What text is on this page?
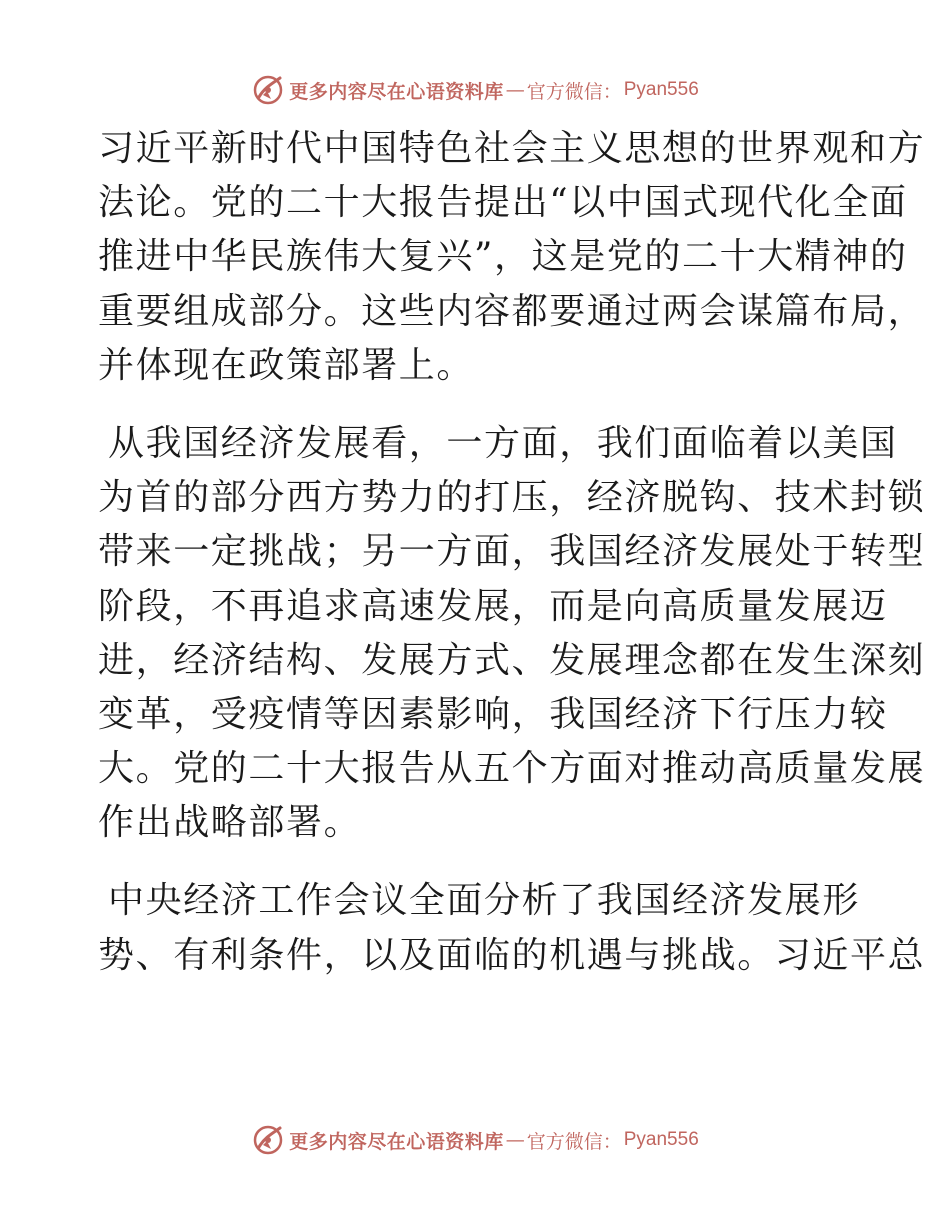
更多内容尽在心语资料库 — 官方微信： Pyan556
习近平新时代中国特色社会主义思想的世界观和方
法论。党的二十大报告提出“以中国式现代化全面
推进中华民族伟大复兴”，这是党的二十大精神的
重要组成部分。这些内容都要通过两会谋篇布局，
并体现在政策部署上。
从我国经济发展看，一方面，我们面临着以美国
为首的部分西方势力的打压，经济脱钩、技术封锁
带来一定挑战；另一方面，我国经济发展处于转型
阶段，不再追求高速发展，而是向高质量发展迈
进，经济结构、发展方式、发展理念都在发生深刻
变革，受疫情等因素影响，我国经济下行压力较
大。党的二十大报告从五个方面对推动高质量发展
作出战略部署。
中央经济工作会议全面分析了我国经济发展形
势、有利条件，以及面临的机遇与挑战。习近平总
更多内容尽在心语资料库 — 官方微信： Pyan556
